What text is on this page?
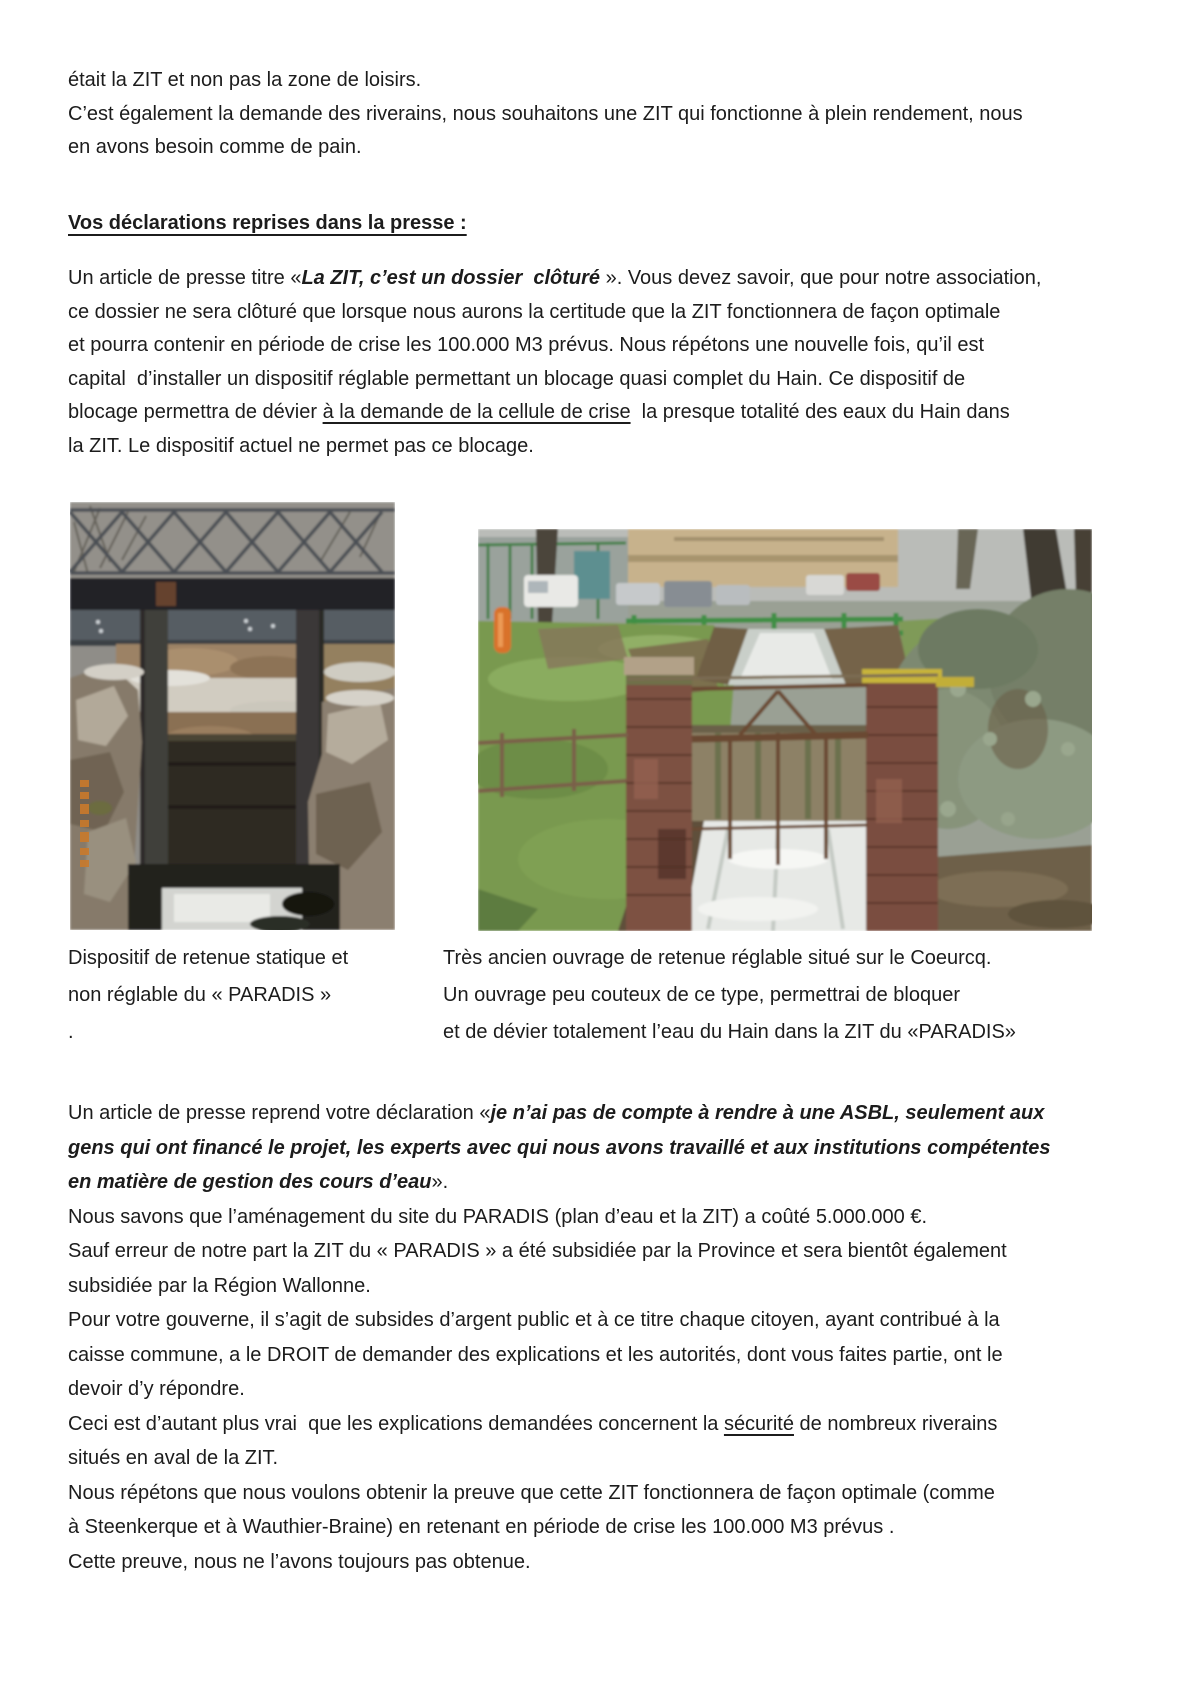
était la ZIT et non pas la zone de loisirs.
C’est également la demande des riverains, nous souhaitons une ZIT qui fonctionne à plein rendement, nous
en avons besoin comme de pain.
Vos déclarations reprises dans la presse :
Un article de presse titre «La ZIT, c’est un dossier  clôturé ». Vous devez savoir, que pour notre association,
ce dossier ne sera clôturé que lorsque nous aurons la certitude que la ZIT fonctionnera de façon optimale
et pourra contenir en période de crise les 100.000 M3 prévus. Nous répétons une nouvelle fois, qu’il est
capital  d’installer un dispositif réglable permettant un blocage quasi complet du Hain. Ce dispositif de
blocage permettra de dévier à la demande de la cellule de crise  la presque totalité des eaux du Hain dans
la ZIT. Le dispositif actuel ne permet pas ce blocage.
Dispositif de retenue statique et
non réglable du « PARADIS »
.
Très ancien ouvrage de retenue réglable situé sur le Coeurcq.
Un ouvrage peu couteux de ce type, permettrai de bloquer
et de dévier totalement l’eau du Hain dans la ZIT du «PARADIS»
Un article de presse reprend votre déclaration «je n’ai pas de compte à rendre à une ASBL, seulement aux
gens qui ont financé le projet, les experts avec qui nous avons travaillé et aux institutions compétentes
en matière de gestion des cours d’eau».
Nous savons que l’aménagement du site du PARADIS (plan d’eau et la ZIT) a coûté 5.000.000 €.
Sauf erreur de notre part la ZIT du « PARADIS » a été subsidiée par la Province et sera bientôt également
subsidiée par la Région Wallonne.
Pour votre gouverne, il s’agit de subsides d’argent public et à ce titre chaque citoyen, ayant contribué à la
caisse commune, a le DROIT de demander des explications et les autorités, dont vous faites partie, ont le
devoir d’y répondre.
Ceci est d’autant plus vrai  que les explications demandées concernent la sécurité de nombreux riverains
situés en aval de la ZIT.
Nous répétons que nous voulons obtenir la preuve que cette ZIT fonctionnera de façon optimale (comme
à Steenkerque et à Wauthier-Braine) en retenant en période de crise les 100.000 M3 prévus .
Cette preuve, nous ne l’avons toujours pas obtenue.
